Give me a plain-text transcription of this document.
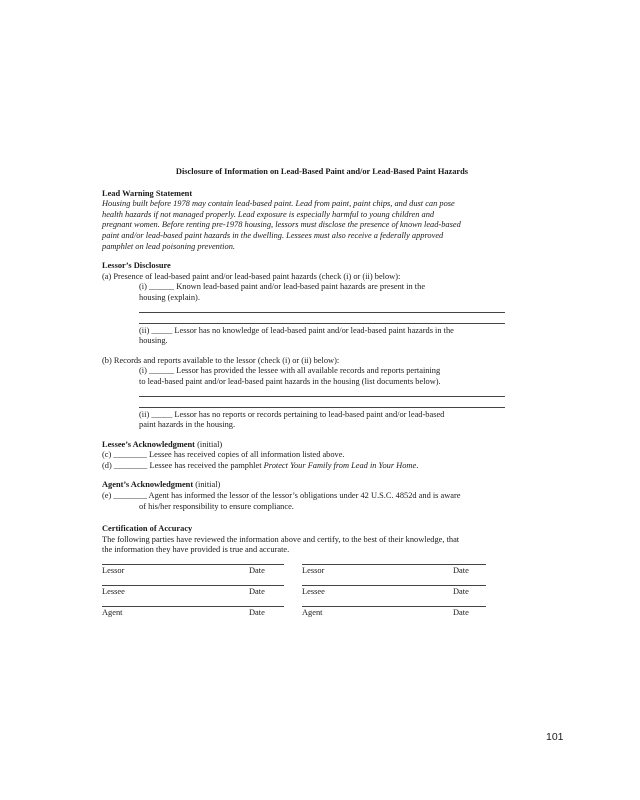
Disclosure of Information on Lead-Based Paint and/or Lead-Based Paint Hazards

Lead Warning Statement

Housing built before 1978 may contain lead-based paint. Lead from paint, paint chips, and dust can pose

health hazards if not managed properly. Lead exposure is especially harmful to young children and

pregnant women. Before renting pre-1978 housing, lessors must disclose the presence of known lead-based

paint and/or lead-based paint hazards in the dwelling. Lessees must also receive a federally approved

pamphlet on lead poisoning prevention.

Lessor’s Disclosure

(a) Presence of lead-based paint and/or lead-based paint hazards (check (i) or (ii) below):

(i) ______ Known lead-based paint and/or lead-based paint hazards are present in the

housing (explain).

(ii) _____ Lessor has no knowledge of lead-based paint and/or lead-based paint hazards in the

housing.

(b) Records and reports available to the lessor (check (i) or (ii) below):

(i) ______ Lessor has provided the lessee with all available records and reports pertaining

to lead-based paint and/or lead-based paint hazards in the housing (list documents below).

(ii) _____ Lessor has no reports or records pertaining to lead-based paint and/or lead-based

paint hazards in the housing.

Lessee’s Acknowledgment (initial)

(c) ________ Lessee has received copies of all information listed above.

(d) ________ Lessee has received the pamphlet Protect Your Family from Lead in Your Home.

Agent’s Acknowledgment (initial)

(e) ________ Agent has informed the lessor of the lessor’s obligations under 42 U.S.C. 4852d and is aware

of his/her responsibility to ensure compliance.

Certification of Accuracy

The following parties have reviewed the information above and certify, to the best of their knowledge, that

the information they have provided is true and accurate.

Lessor	Date	Lessor	Date
Lessee	Date	Lessee	Date
Agent	Date	Agent	Date
101
